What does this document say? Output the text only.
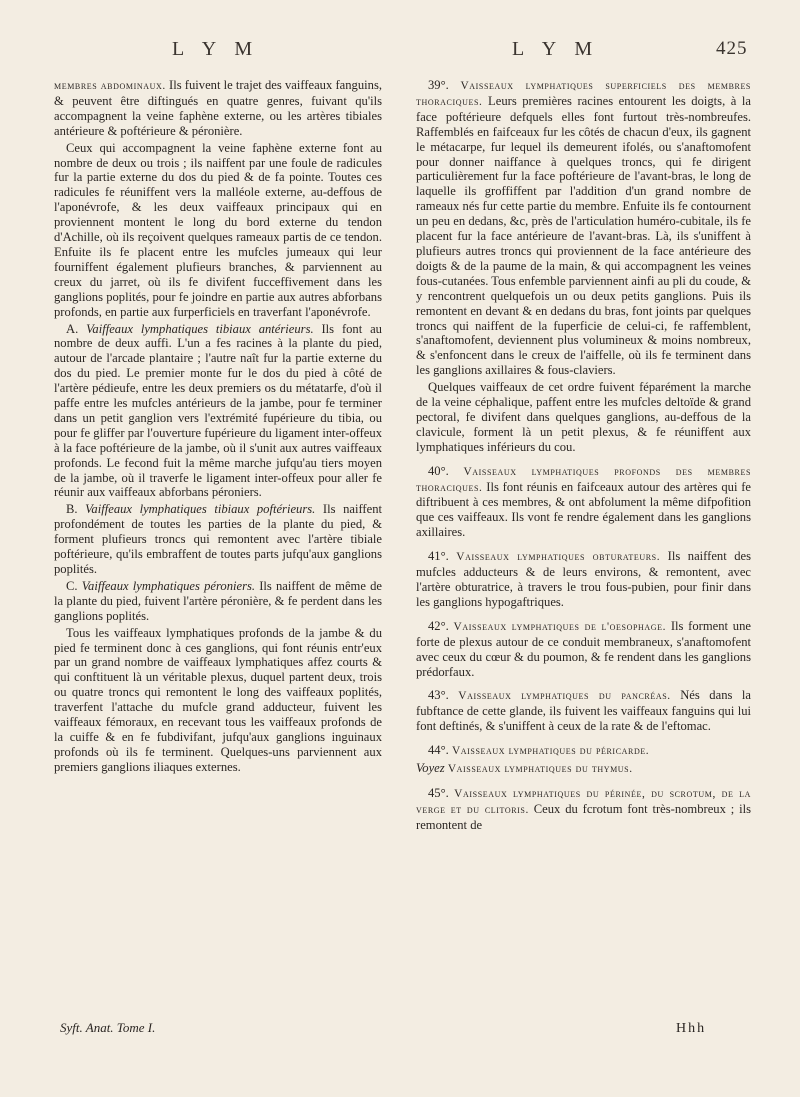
L Y M	L Y M	425

membres abdominaux. Ils fuivent le trajet des vaiffeaux fanguins, & peuvent être diftingués en quatre genres, fuivant qu'ils accompagnent la veine faphène externe, ou les artères tibiales antérieure & poftérieure & péronière.

Ceux qui accompagnent la veine faphène externe font au nombre de deux ou trois ; ils naiffent par une foule de radicules fur la partie externe du dos du pied & de fa pointe. Toutes ces radicules fe réuniffent vers la malléole externe, au-deffous de l'aponévrofe, & les deux vaiffeaux principaux qui en proviennent montent le long du bord externe du tendon d'Achille, où ils reçoivent quelques rameaux partis de ce tendon. Enfuite ils fe placent entre les mufcles jumeaux qui leur fourniffent également plufieurs branches, & parviennent au creux du jarret, où ils fe divifent fucceffivement dans les ganglions poplités, pour fe joindre en partie aux autres abforbans profonds, en partie aux furperficiels en traverfant l'aponévrofe.

A. Vaiffeaux lymphatiques tibiaux antérieurs. Ils font au nombre de deux auffi. L'un a fes racines à la plante du pied, autour de l'arcade plantaire ; l'autre naît fur la partie externe du dos du pied. Le premier monte fur le dos du pied à côté de l'artère pédieufe, entre les deux premiers os du métatarfe, d'où il paffe entre les mufcles antérieurs de la jambe, pour fe terminer dans un petit ganglion vers l'extrémité fupérieure du tibia, ou pour fe gliffer par l'ouverture fupérieure du ligament inter-offeux à la face poftérieure de la jambe, où il s'unit aux autres vaiffeaux profonds. Le fecond fuit la même marche jufqu'au tiers moyen de la jambe, où il traverfe le ligament inter-offeux pour aller fe réunir aux vaiffeaux abforbans péroniers.

B. Vaiffeaux lymphatiques tibiaux poftérieurs. Ils naiffent profondément de toutes les parties de la plante du pied, & forment plufieurs troncs qui remontent avec l'artère tibiale poftérieure, qu'ils embraffent de toutes parts jufqu'aux ganglions poplités.

C. Vaiffeaux lymphatiques péroniers. Ils naiffent de même de la plante du pied, fuivent l'artère péronière, & fe perdent dans les ganglions poplités.

Tous les vaiffeaux lymphatiques profonds de la jambe & du pied fe terminent donc à ces ganglions, qui font réunis entr'eux par un grand nombre de vaiffeaux lymphatiques affez courts & qui conftituent là un véritable plexus, duquel partent deux, trois ou quatre troncs qui remontent le long des vaiffeaux poplités, traverfent l'attache du mufcle grand adducteur, fuivent les vaiffeaux fémoraux, en recevant tous les vaiffeaux profonds de la cuiffe & en fe fubdivifant, jufqu'aux ganglions inguinaux profonds où ils fe terminent. Quelques-uns parviennent aux premiers ganglions iliaques externes.

39°. Vaisseaux lymphatiques superficiels des membres thoraciques. Leurs premières racines entourent les doigts, à la face poftérieure defquels elles font furtout très-nombreufes. Raffemblés en faifceaux fur les côtés de chacun d'eux, ils gagnent le métacarpe, fur lequel ils demeurent ifolés, ou s'anaftomofent pour donner naiffance à quelques troncs, qui fe dirigent particulièrement fur la face poftérieure de l'avant-bras, le long de laquelle ils groffiffent par l'addition d'un grand nombre de rameaux nés fur cette partie du membre. Enfuite ils fe contournent un peu en dedans, &c, près de l'articulation huméro-cubitale, ils fe placent fur la face antérieure de l'avant-bras. Là, ils s'uniffent à plufieurs autres troncs qui proviennent de la face antérieure des doigts & de la paume de la main, & qui accompagnent les veines fous-cutanées. Tous enfemble parviennent ainfi au pli du coude, & y rencontrent quelquefois un ou deux petits ganglions. Puis ils remontent en devant & en dedans du bras, font joints par quelques troncs qui naiffent de la fuperficie de celui-ci, fe raffemblent, s'anaftomofent, deviennent plus volumineux & moins nombreux, & s'enfoncent dans le creux de l'aiffelle, où ils fe terminent dans les ganglions axillaires & fous-claviers.

Quelques vaiffeaux de cet ordre fuivent féparément la marche de la veine céphalique, paffent entre les mufcles deltoïde & grand pectoral, fe divifent dans quelques ganglions, au-deffous de la clavicule, forment là un petit plexus, & fe réuniffent aux lymphatiques inférieurs du cou.

40°. Vaisseaux lymphatiques profonds des membres thoraciques. Ils font réunis en faifceaux autour des artères qui fe diftribuent à ces membres, & ont abfolument la même difpofition que ces vaiffeaux. Ils vont fe rendre également dans les ganglions axillaires.

41°. Vaisseaux lymphatiques obturateurs. Ils naiffent des mufcles adducteurs & de leurs environs, & remontent, avec l'artère obturatrice, à travers le trou fous-pubien, pour finir dans les ganglions hypogaftriques.

42°. Vaisseaux lymphatiques de l'oesophage. Ils forment une forte de plexus autour de ce conduit membraneux, s'anaftomofent avec ceux du cœur & du poumon, & fe rendent dans les ganglions prédorfaux.

43°. Vaisseaux lymphatiques du pancréas. Nés dans la fubftance de cette glande, ils fuivent les vaiffeaux fanguins qui lui font deftinés, & s'uniffent à ceux de la rate & de l'eftomac.

44°. Vaisseaux lymphatiques du péricarde.

Voyez Vaisseaux lymphatiques du thymus.

45°. Vaisseaux lymphatiques du périnée, du scrotum, de la verge et du clitoris. Ceux du fcrotum font très-nombreux ; ils remontent de

Syft. Anat. Tome I.	Hhh
